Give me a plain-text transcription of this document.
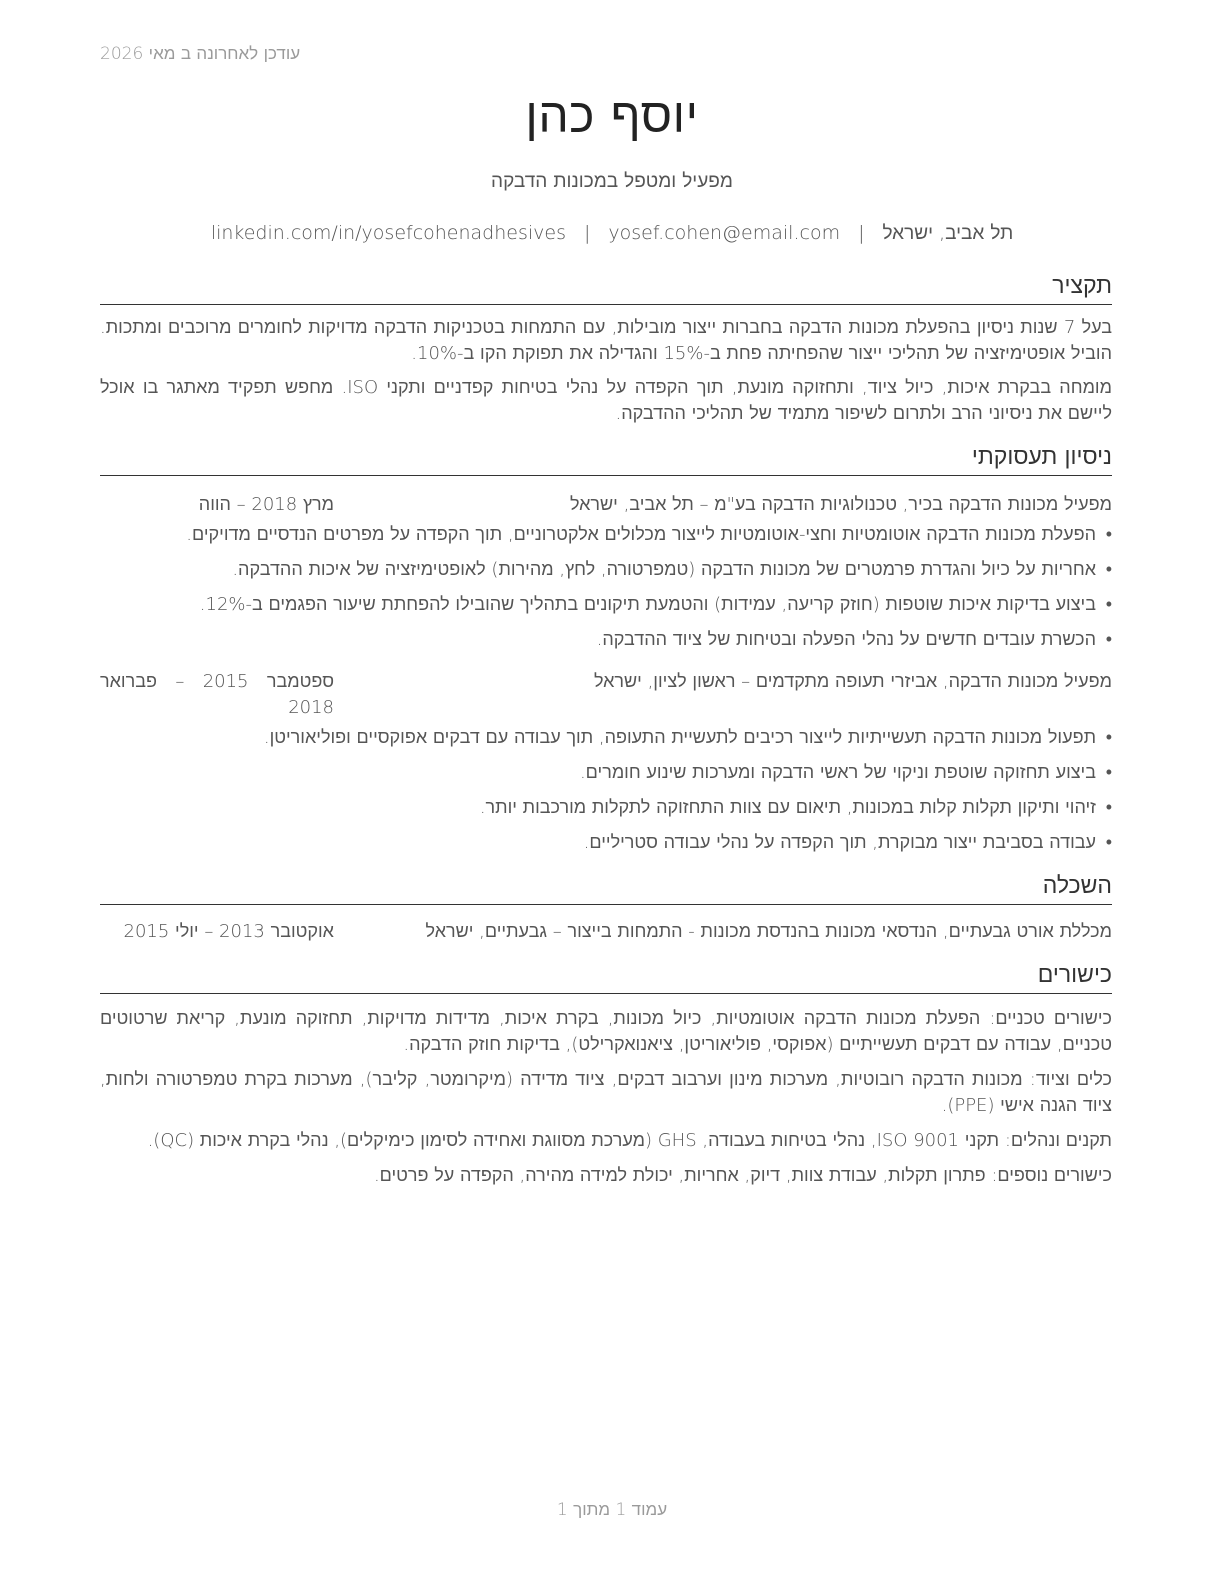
עודכן לאחרונה ב מאי 2026
יוסף כהן
מפעיל ומטפל במכונות הדבקה
תל אביב, ישראל
|
yosef.cohen@email.com
|
linkedin.com/in/yosefcohenadhesives
תקציר

בעל 7 שנות ניסיון בהפעלת מכונות הדבקה בחברות ייצור מובילות, עם התמחות בטכניקות הדבקה מדויקות לחומרים מרוכבים ומתכות. הוביל אופטימיזציה של תהליכי ייצור שהפחיתה פחת ב-15% והגדילה את תפוקת הקו ב-10%.

מומחה בבקרת איכות, כיול ציוד, ותחזוקה מונעת, תוך הקפדה על נהלי בטיחות קפדניים ותקני ISO. מחפש תפקיד מאתגר בו אוכל ליישם את ניסיוני הרב ולתרום לשיפור מתמיד של תהליכי ההדבקה.

ניסיון תעסוקתי
מפעיל מכונות הדבקה בכיר, טכנולוגיות הדבקה בע"מ – תל אביב, ישראל
מרץ 2018 – הווה
• הפעלת מכונות הדבקה אוטומטיות וחצי-אוטומטיות לייצור מכלולים אלקטרוניים, תוך הקפדה על מפרטים הנדסיים מדויקים.
• אחריות על כיול והגדרת פרמטרים של מכונות הדבקה (טמפרטורה, לחץ, מהירות) לאופטימיזציה של איכות ההדבקה.
• ביצוע בדיקות איכות שוטפות (חוזק קריעה, עמידות) והטמעת תיקונים בתהליך שהובילו להפחתת שיעור הפגמים ב-12%.
• הכשרת עובדים חדשים על נהלי הפעלה ובטיחות של ציוד ההדבקה.
מפעיל מכונות הדבקה, אביזרי תעופה מתקדמים – ראשון לציון, ישראל
ספטמבר 2015 – פברואר 2018
• תפעול מכונות הדבקה תעשייתיות לייצור רכיבים לתעשיית התעופה, תוך עבודה עם דבקים אפוקסיים ופוליאוריטן.
• ביצוע תחזוקה שוטפת וניקוי של ראשי הדבקה ומערכות שינוע חומרים.
• זיהוי ותיקון תקלות קלות במכונות, תיאום עם צוות התחזוקה לתקלות מורכבות יותר.
• עבודה בסביבת ייצור מבוקרת, תוך הקפדה על נהלי עבודה סטריליים.
השכלה
מכללת אורט גבעתיים, הנדסאי מכונות בהנדסת מכונות - התמחות בייצור – גבעתיים, ישראל
אוקטובר 2013 – יולי 2015
כישורים

כישורים טכניים: הפעלת מכונות הדבקה אוטומטיות, כיול מכונות, בקרת איכות, מדידות מדויקות, תחזוקה מונעת, קריאת שרטוטים טכניים, עבודה עם דבקים תעשייתיים (אפוקסי, פוליאוריטן, ציאנואקרילט), בדיקות חוזק הדבקה.

כלים וציוד: מכונות הדבקה רובוטיות, מערכות מינון וערבוב דבקים, ציוד מדידה (מיקרומטר, קליבר), מערכות בקרת טמפרטורה ולחות, ציוד הגנה אישי (PPE).

תקנים ונהלים: תקני ISO 9001, נהלי בטיחות בעבודה, GHS (מערכת מסווגת ואחידה לסימון כימיקלים), נהלי בקרת איכות (QC).

כישורים נוספים: פתרון תקלות, עבודת צוות, דיוק, אחריות, יכולת למידה מהירה, הקפדה על פרטים.

עמוד 1 מתוך 1
